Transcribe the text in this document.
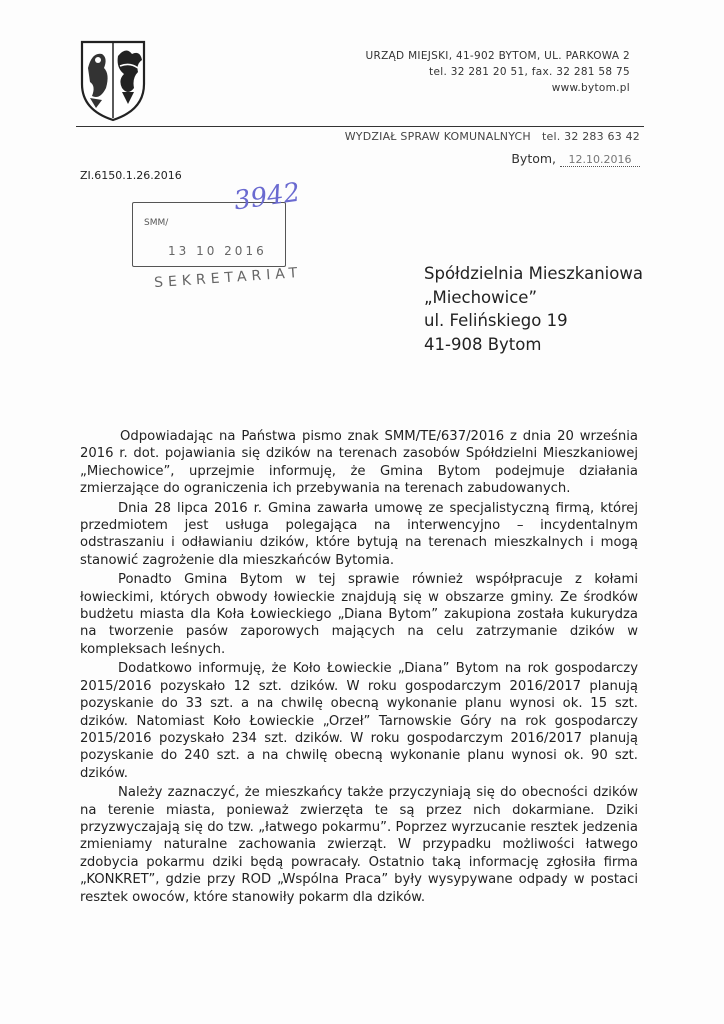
URZĄD MIEJSKI, 41-902 BYTOM, UL. PARKOWA 2
tel. 32 281 20 51, fax. 32 281 58 75
www.bytom.pl
WYDZIAŁ SPRAW KOMUNALNYCH tel. 32 283 63 42
Bytom, 12.10.2016
ZI.6150.1.26.2016
SMM/
13 10 2016
SEKRETARIAT
3942
Spółdzielnia Mieszkaniowa
„Miechowice”
ul. Felińskiego 19
41-908 Bytom

Odpowiadając na Państwa pismo znak SMM/TE/637/2016 z dnia 20 września 2016 r. dot. pojawiania się dzików na terenach zasobów Spółdzielni Mieszkaniowej „Miechowice”, uprzejmie informuję, że Gmina Bytom podejmuje działania zmierzające do ograniczenia ich przebywania na terenach zabudowanych.

Dnia 28 lipca 2016 r. Gmina zawarła umowę ze specjalistyczną firmą, której przedmiotem jest usługa polegająca na interwencyjno – incydentalnym odstraszaniu i odławianiu dzików, które bytują na terenach mieszkalnych i mogą stanowić zagrożenie dla mieszkańców Bytomia.

Ponadto Gmina Bytom w tej sprawie również współpracuje z kołami łowieckimi, których obwody łowieckie znajdują się w obszarze gminy. Ze środków budżetu miasta dla Koła Łowieckiego „Diana Bytom” zakupiona została kukurydza na tworzenie pasów zaporowych mających na celu zatrzymanie dzików w kompleksach leśnych.

Dodatkowo informuję, że Koło Łowieckie „Diana” Bytom na rok gospodarczy 2015/2016 pozyskało 12 szt. dzików. W roku gospodarczym 2016/2017 planują pozyskanie do 33 szt. a na chwilę obecną wykonanie planu wynosi ok. 15 szt. dzików. Natomiast Koło Łowieckie „Orzeł” Tarnowskie Góry na rok gospodarczy 2015/2016 pozyskało 234 szt. dzików. W roku gospodarczym 2016/2017 planują pozyskanie do 240 szt. a na chwilę obecną wykonanie planu wynosi ok. 90 szt. dzików.

Należy zaznaczyć, że mieszkańcy także przyczyniają się do obecności dzików na terenie miasta, ponieważ zwierzęta te są przez nich dokarmiane. Dziki przyzwyczajają się do tzw. „łatwego pokarmu”. Poprzez wyrzucanie resztek jedzenia zmieniamy naturalne zachowania zwierząt. W przypadku możliwości łatwego zdobycia pokarmu dziki będą powracały. Ostatnio taką informację zgłosiła firma „KONKRET”, gdzie przy ROD „Wspólna Praca” były wysypywane odpady w postaci resztek owoców, które stanowiły pokarm dla dzików.
